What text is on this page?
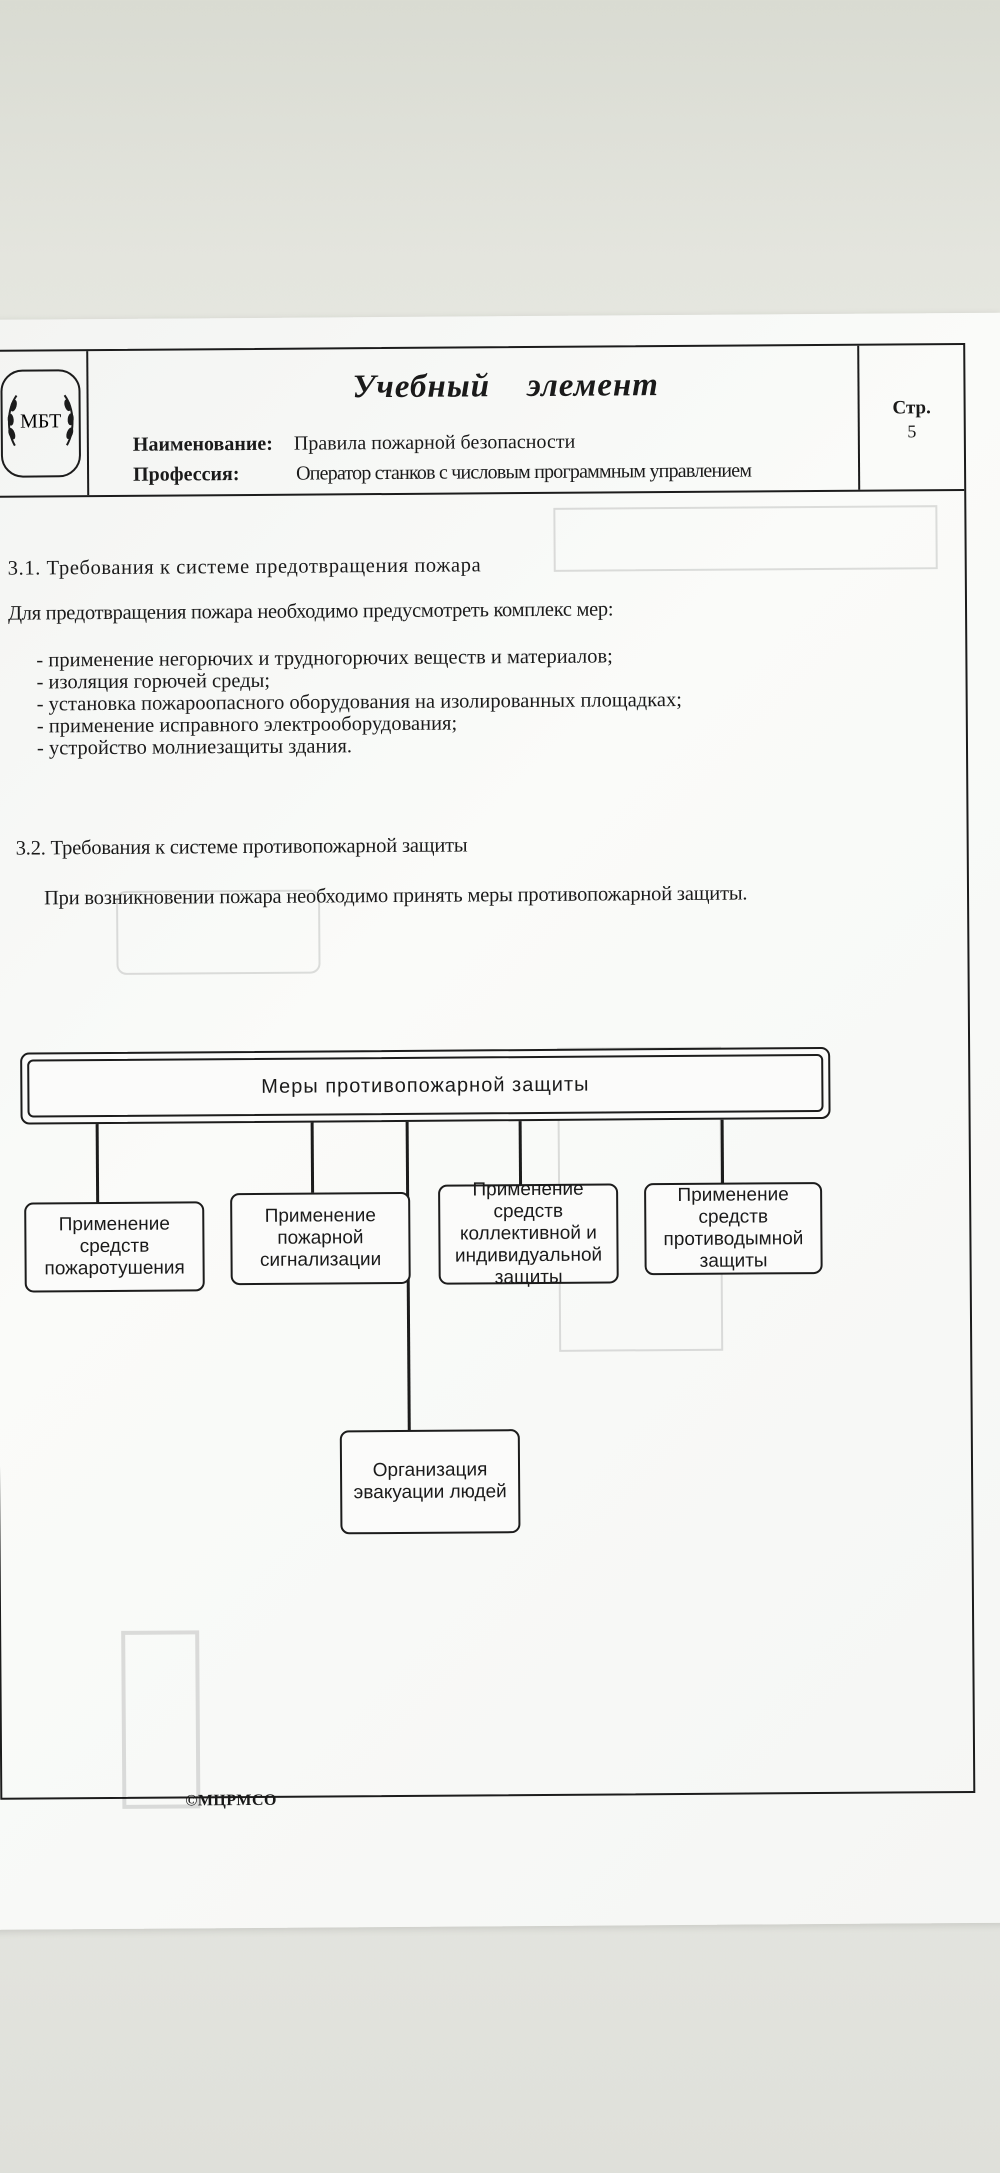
МБТ
Учебный    элемент
Наименование: Правила пожарной безопасности
Профессия:	Оператор станков с числовым программным управлением
Стр.
5
3.1. Требования к системе предотвращения пожара
Для предотвращения пожара необходимо предусмотреть комплекс мер:
- применение негорючих и трудногорючих веществ и материалов;
- изоляция горючей среды;
- установка пожароопасного оборудования на изолированных площадках;
- применение исправного электрооборудования;
- устройство молниезащиты здания.
3.2. Требования к системе противопожарной защиты
При возникновении пожара необходимо принять меры противопожарной защиты.
Меры противопожарной защиты
Применение
средств
пожаротушения
Применение
пожарной
сигнализации
Применение
средств
коллективной и
индивидуальной
защиты
Применение
средств
противодымной
защиты
Организация
эвакуации людей
©МЦРМСО
